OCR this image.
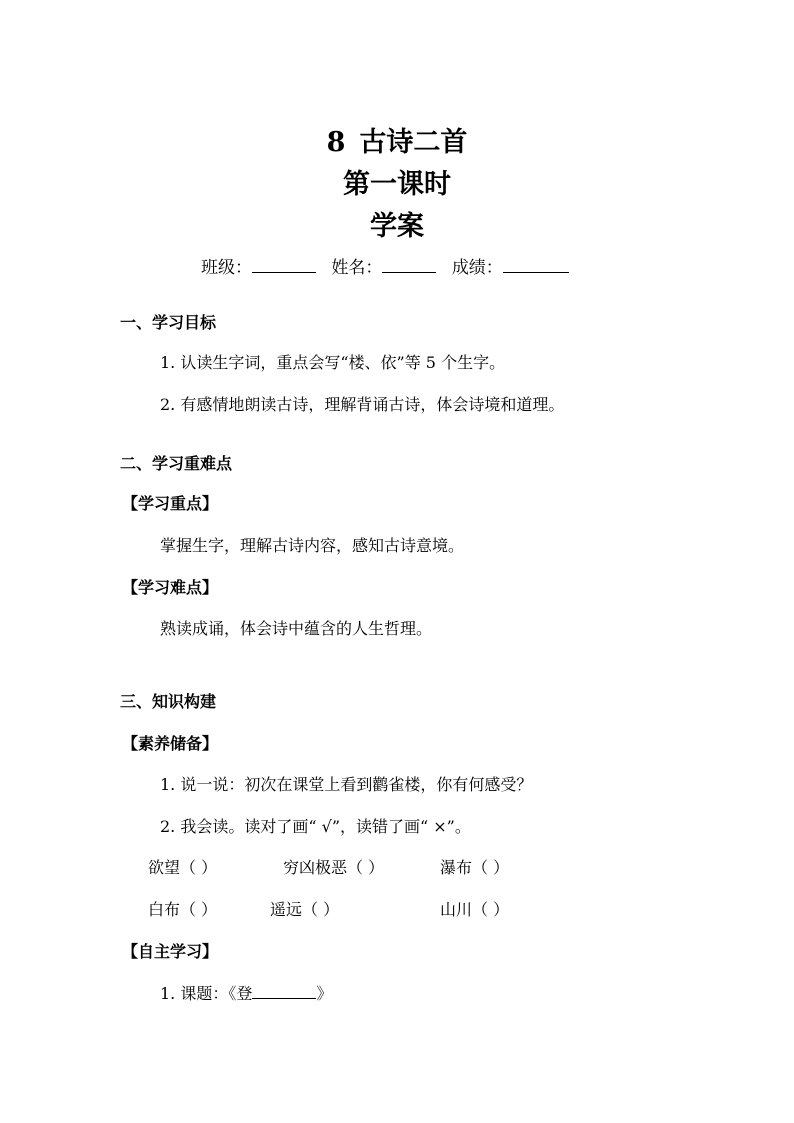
8 古诗二首
第一课时
学案
班级：	姓名：	成绩：
一、学习目标
1. 认读生字词，重点会写“楼、依”等 5 个生字。
2. 有感情地朗读古诗，理解背诵古诗，体会诗境和道理。
二、学习重难点
【学习重点】
掌握生字，理解古诗内容，感知古诗意境。
【学习难点】
熟读成诵，体会诗中蕴含的人生哲理。
三、知识构建
【素养储备】
1. 说一说：初次在课堂上看到鹳雀楼，你有何感受？
2. 我会读。读对了画“ √”，读错了画“ ×”。
欲望（ ）	穷凶极恶（ ）	瀑布（ ）
白布（ ）	遥远（ ）	山川（ ）
【自主学习】
1. 课题：《登	》
